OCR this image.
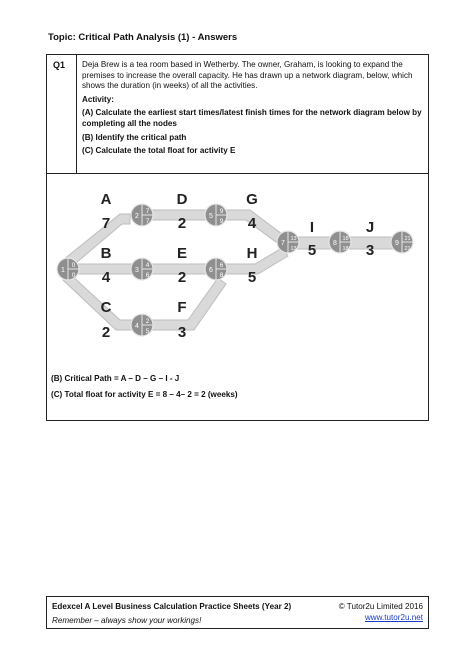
Topic: Critical Path Analysis (1) - Answers
Q1 Deja Brew is a tea room based in Wetherby. The owner, Graham, is looking to expand the premises to increase the overall capacity. He has drawn up a network diagram, below, which shows the duration (in weeks) of all the activities.

Activity:

(A) Calculate the earliest start times/latest finish times for the network diagram below by completing all the nodes

(B) Identify the critical path

(C) Calculate the total float for activity E

1
0
0
2
7
7
3
4
6
4
2
5
5
9
9
6
6
8
7
13
13
8
18
18
9
21
21
A
7
D
2
G
4
B
4
E
2
H
5
C
2
F
3
I
5
J
3
(B) Critical Path = A – D – G – I - J
(C) Total float for activity E = 8 – 4– 2 = 2 (weeks)
Edexcel A Level Business Calculation Practice Sheets (Year 2)
Remember – always show your workings!
© Tutor2u Limited 2016
www.tutor2u.net
